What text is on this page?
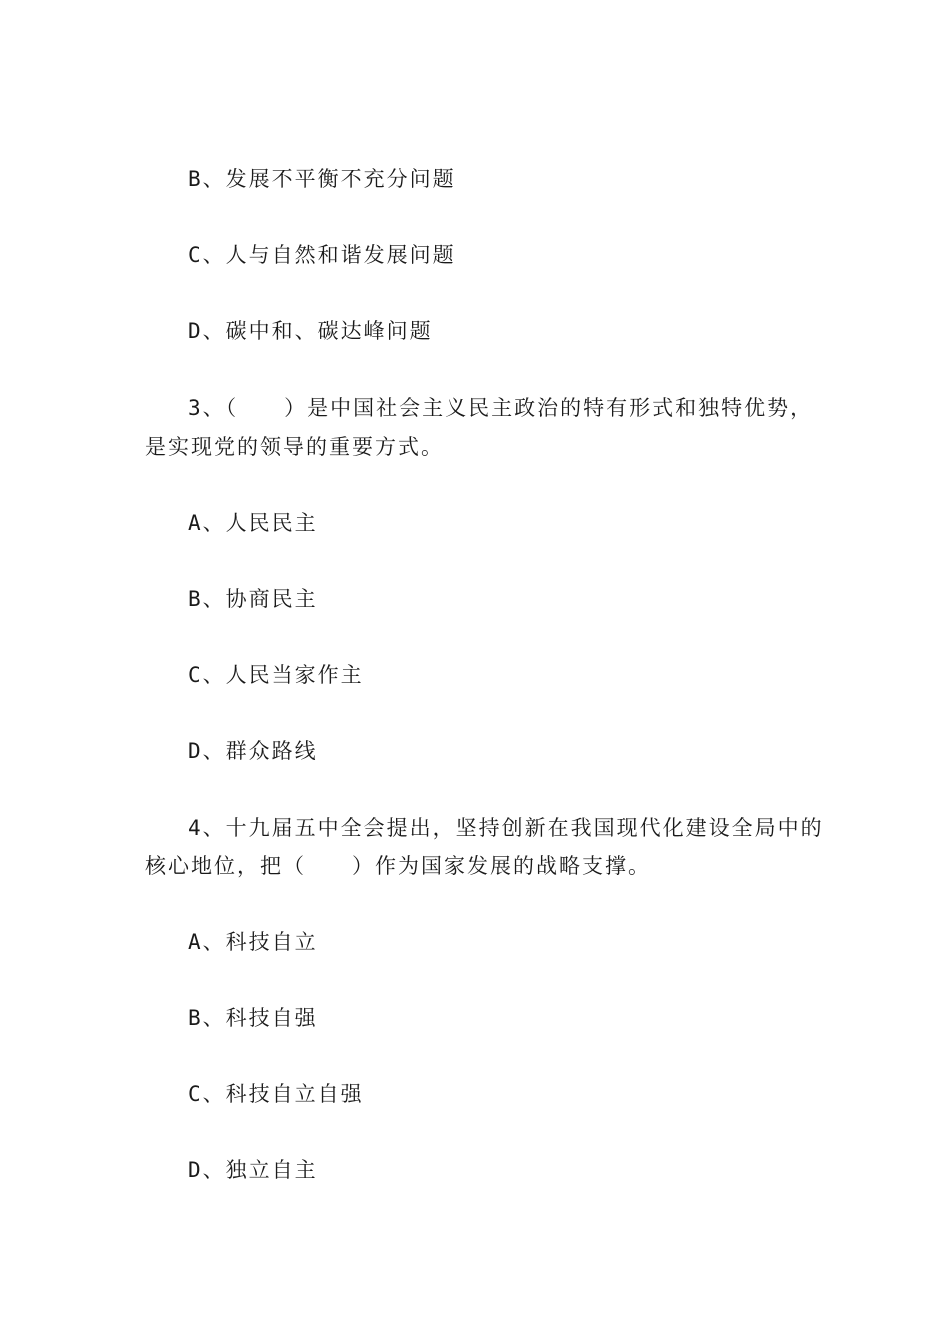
B、发展不平衡不充分问题

C、人与自然和谐发展问题

D、碳中和、碳达峰问题

3、（　　）是中国社会主义民主政治的特有形式和独特优势，

是实现党的领导的重要方式。

A、人民民主

B、协商民主

C、人民当家作主

D、群众路线

4、十九届五中全会提出，坚持创新在我国现代化建设全局中的

核心地位，把（　　）作为国家发展的战略支撑。

A、科技自立

B、科技自强

C、科技自立自强

D、独立自主
